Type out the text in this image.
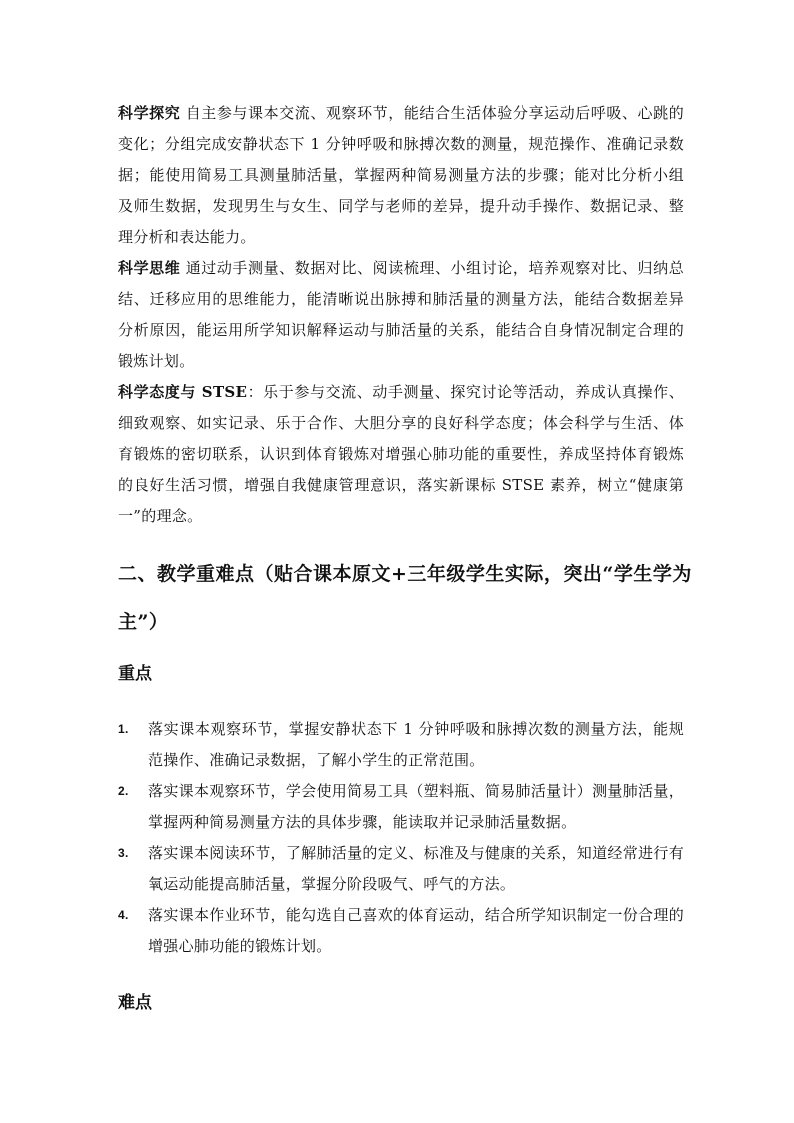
科学探究 自主参与课本交流、观察环节，能结合生活体验分享运动后呼吸、心跳的变化；分组完成安静状态下 1 分钟呼吸和脉搏次数的测量，规范操作、准确记录数据；能使用简易工具测量肺活量，掌握两种简易测量方法的步骤；能对比分析小组及师生数据，发现男生与女生、同学与老师的差异，提升动手操作、数据记录、整理分析和表达能力。

科学思维 通过动手测量、数据对比、阅读梳理、小组讨论，培养观察对比、归纳总结、迁移应用的思维能力，能清晰说出脉搏和肺活量的测量方法，能结合数据差异分析原因，能运用所学知识解释运动与肺活量的关系，能结合自身情况制定合理的锻炼计划。

科学态度与 STSE：乐于参与交流、动手测量、探究讨论等活动，养成认真操作、细致观察、如实记录、乐于合作、大胆分享的良好科学态度；体会科学与生活、体育锻炼的密切联系，认识到体育锻炼对增强心肺功能的重要性，养成坚持体育锻炼的良好生活习惯，增强自我健康管理意识，落实新课标 STSE 素养，树立“健康第一”的理念。

二、教学重难点（贴合课本原文+三年级学生实际，突出“学生学为主”）
重点
1. 落实课本观察环节，掌握安静状态下 1 分钟呼吸和脉搏次数的测量方法，能规范操作、准确记录数据，了解小学生的正常范围。
2. 落实课本观察环节，学会使用简易工具（塑料瓶、简易肺活量计）测量肺活量，掌握两种简易测量方法的具体步骤，能读取并记录肺活量数据。
3. 落实课本阅读环节，了解肺活量的定义、标准及与健康的关系，知道经常进行有氧运动能提高肺活量，掌握分阶段吸气、呼气的方法。
4. 落实课本作业环节，能勾选自己喜欢的体育运动，结合所学知识制定一份合理的增强心肺功能的锻炼计划。
难点
